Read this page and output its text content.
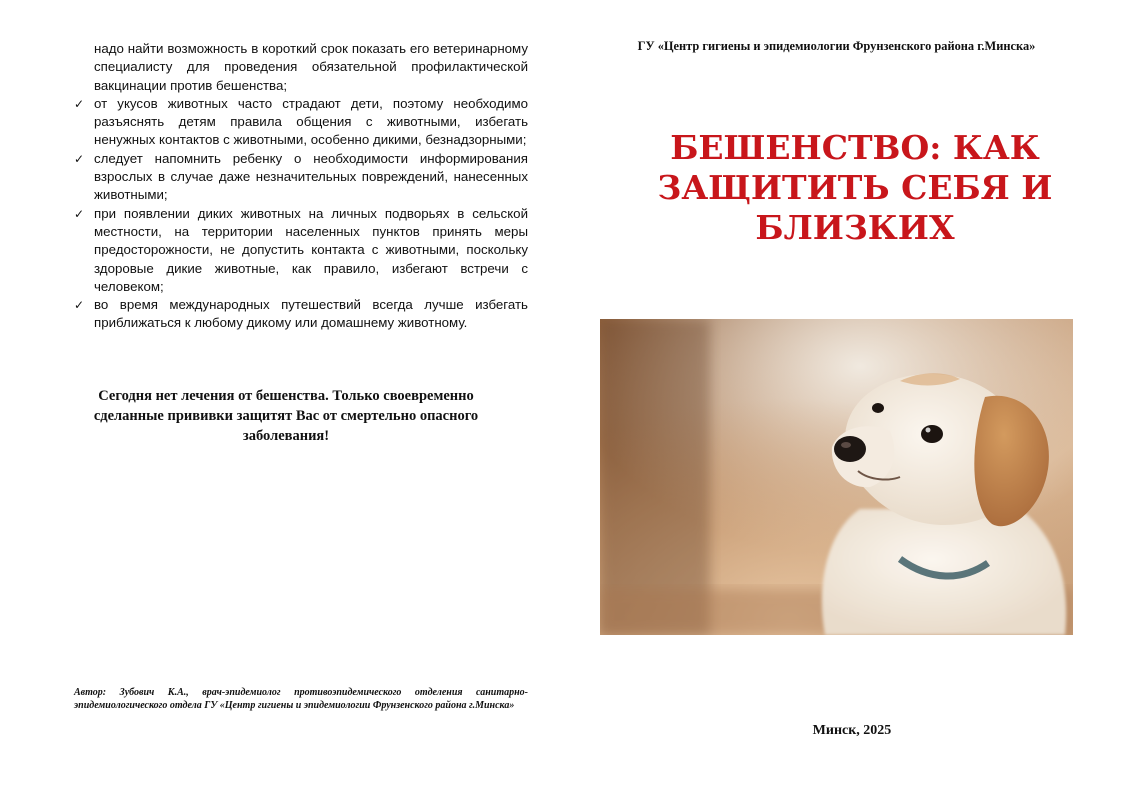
надо найти возможность в короткий срок показать его ветеринарному специалисту для проведения обязательной профилактической вакцинации против бешенства;

✓ от укусов животных часто страдают дети, поэтому необходимо разъяснять детям правила общения с животными, избегать ненужных контактов с животными, особенно дикими, безнадзорными;
✓ следует напомнить ребенку о необходимости информирования взрослых в случае даже незначительных повреждений, нанесенных животными;
✓ при появлении диких животных на личных подворьях в сельской местности, на территории населенных пунктов принять меры предосторожности, не допустить контакта с животными, поскольку здоровые дикие животные, как правило, избегают встречи с человеком;
✓ во время международных путешествий всегда лучше избегать приближаться к любому дикому или домашнему животному.
Сегодня нет лечения от бешенства. Только своевременно сделанные прививки защитят Вас от смертельно опасного заболевания!
Автор: Зубович К.А., врач-эпидемиолог противоэпидемического отделения санитарно-эпидемиологического отдела ГУ «Центр гигиены и эпидемиологии Фрунзенского района г.Минска»
ГУ «Центр гигиены и эпидемиологии Фрунзенского района г.Минска»
БЕШЕНСТВО: КАК ЗАЩИТИТЬ СЕБЯ И БЛИЗКИХ
Минск, 2025
